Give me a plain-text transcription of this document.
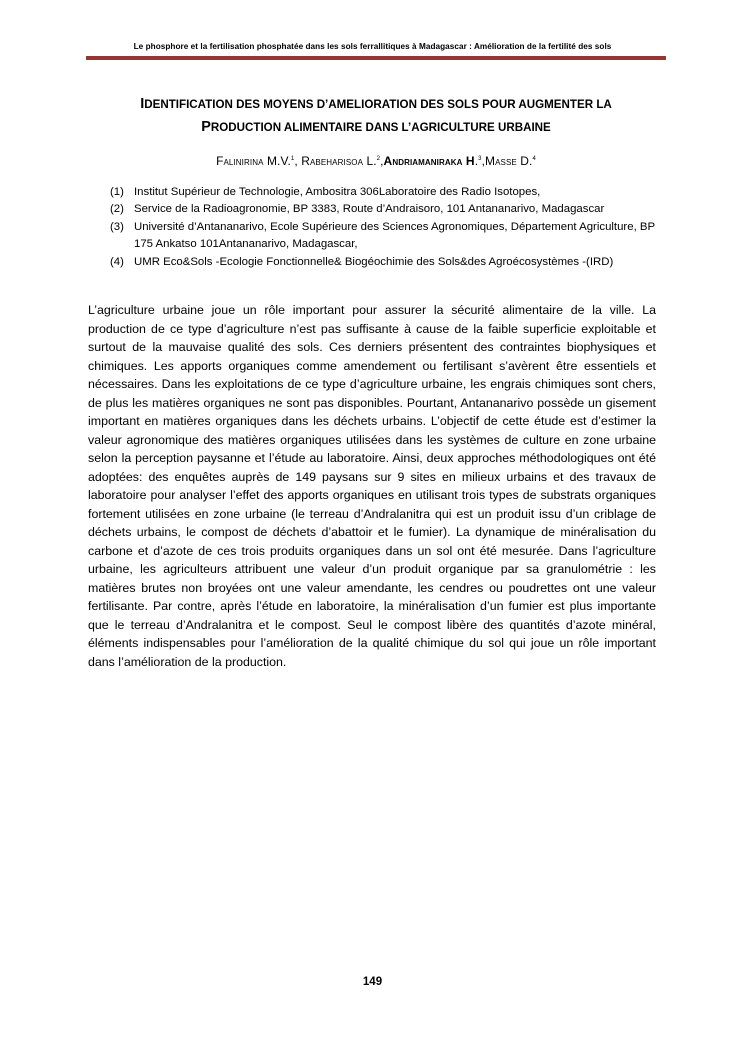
Le phosphore et la fertilisation phosphatée dans les sols ferrallitiques à Madagascar : Amélioration de la fertilité des sols
IDENTIFICATION DES MOYENS D’AMELIORATION DES SOLS POUR AUGMENTER LA
PRODUCTION ALIMENTAIRE DANS L’AGRICULTURE URBAINE
Falinirina M.V.$^1$, Rabeharisoa L.$^2$,Andriamaniraka H.$^3$,Masse D.$^4$
(1) Institut Supérieur de Technologie, Ambositra 306Laboratoire des Radio Isotopes,
(2) Service de la Radioagronomie, BP 3383, Route d’Andraisoro, 101 Antananarivo, Madagascar
(3) Université d’Antananarivo, Ecole Supérieure des Sciences Agronomiques, Département Agriculture, BP 175 Ankatso 101Antananarivo, Madagascar,
(4) UMR Eco&Sols -Ecologie Fonctionnelle& Biogéochimie des Sols&des Agroécosystèmes -(IRD)

L’agriculture urbaine joue un rôle important pour assurer la sécurité alimentaire de la ville. La production de ce type d’agriculture n’est pas suffisante à cause de la faible superficie exploitable et surtout de la mauvaise qualité des sols. Ces derniers présentent des contraintes biophysiques et chimiques. Les apports organiques comme amendement ou fertilisant s’avèrent être essentiels et nécessaires. Dans les exploitations de ce type d’agriculture urbaine, les engrais chimiques sont chers, de plus les matières organiques ne sont pas disponibles. Pourtant, Antananarivo possède un gisement important en matières organiques dans les déchets urbains. L’objectif de cette étude est d’estimer la valeur agronomique des matières organiques utilisées dans les systèmes de culture en zone urbaine selon la perception paysanne et l’étude au laboratoire. Ainsi, deux approches méthodologiques ont été adoptées: des enquêtes auprès de 149 paysans sur 9 sites en milieux urbains et des travaux de laboratoire pour analyser l’effet des apports organiques en utilisant trois types de substrats organiques fortement utilisées en zone urbaine (le terreau d’Andralanitra qui est un produit issu d’un criblage de déchets urbains, le compost de déchets d’abattoir et le fumier). La dynamique de minéralisation du carbone et d’azote de ces trois produits organiques dans un sol ont été mesurée. Dans l’agriculture urbaine, les agriculteurs attribuent une valeur d’un produit organique par sa granulométrie : les matières brutes non broyées ont une valeur amendante, les cendres ou poudrettes ont une valeur fertilisante. Par contre, après l’étude en laboratoire, la minéralisation d’un fumier est plus importante que le terreau d’Andralanitra et le compost. Seul le compost libère des quantités d’azote minéral, éléments indispensables pour l’amélioration de la qualité chimique du sol qui joue un rôle important dans l’amélioration de la production.

149
